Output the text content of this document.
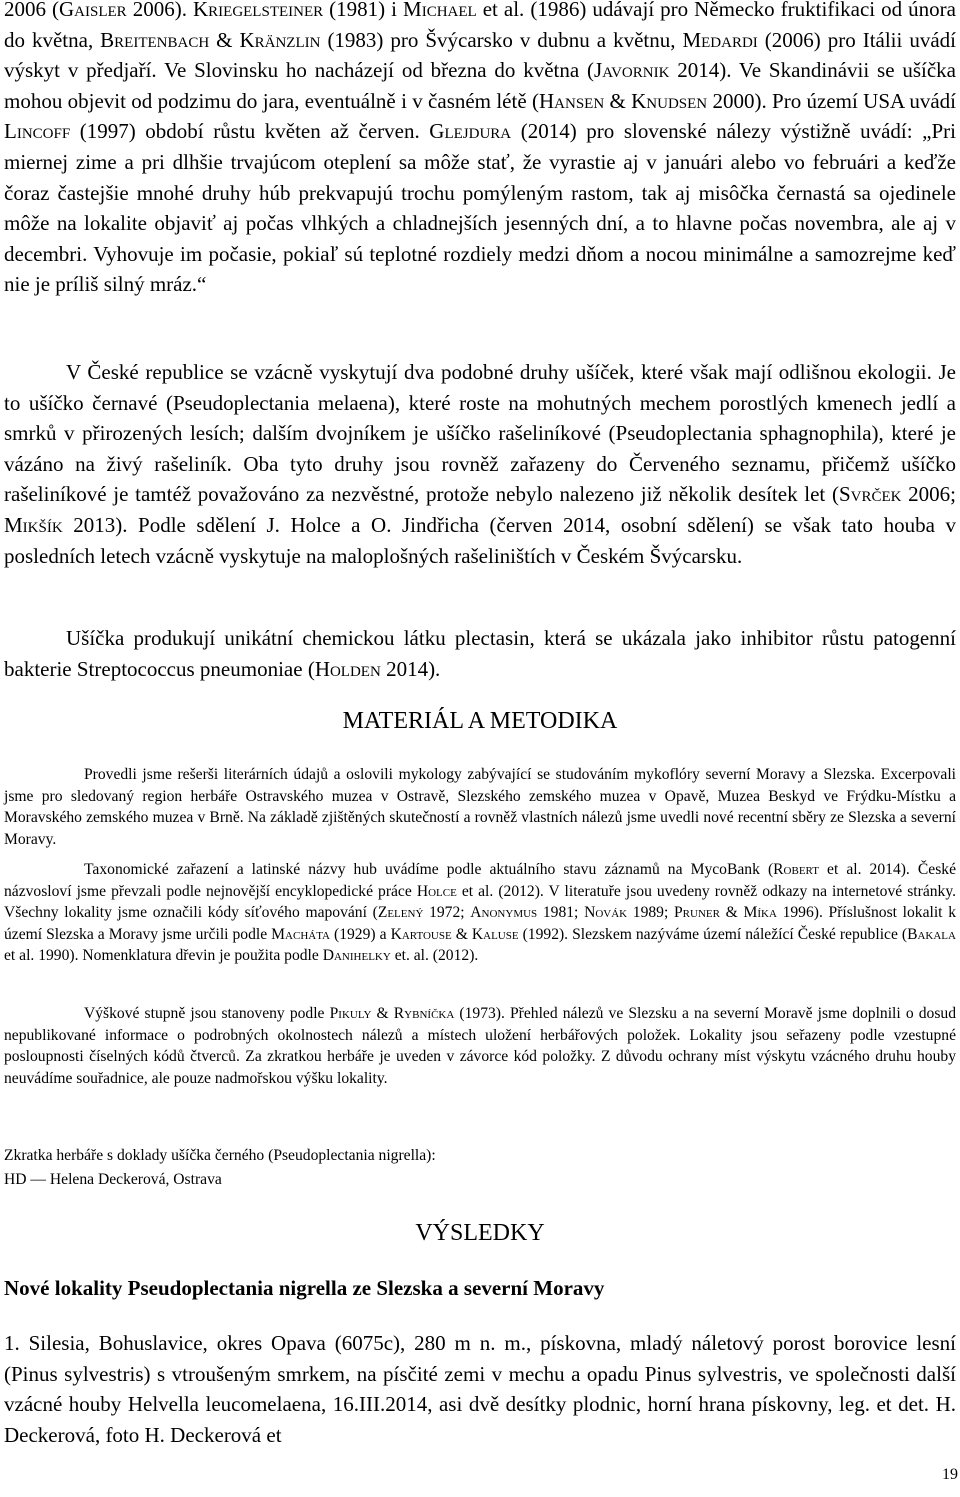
2006 (Gaisler 2006). Kriegelsteiner (1981) i Michael et al. (1986) udávají pro Německo fruktifikaci od února do května, Breitenbach & Kränzlin (1983) pro Švýcarsko v dubnu a květnu, Medardi (2006) pro Itálii uvádí výskyt v předjaří. Ve Slovinsku ho nacházejí od března do května (Javornik 2014). Ve Skandinávii se ušíčka mohou objevit od podzimu do jara, eventuálně i v časném létě (Hansen & Knudsen 2000). Pro území USA uvádí Lincoff (1997) období růstu květen až červen. Glejdura (2014) pro slovenské nálezy výstižně uvádí: „Pri miernej zime a pri dlhšie trvajúcom oteplení sa môže stať, že vyrastie aj v januári alebo vo februári a keďže čoraz častejšie mnohé druhy húb prekvapujú trochu pomýleným rastom, tak aj misôčka černastá sa ojedinele môže na lokalite objaviť aj počas vlhkých a chladnejších jesenných dní, a to hlavne počas novembra, ale aj v decembri. Vyhovuje im počasie, pokiaľ sú teplotné rozdiely medzi dňom a nocou minimálne a samozrejme keď nie je príliš silný mráz.“

V České republice se vzácně vyskytují dva podobné druhy ušíček, které však mají odlišnou ekologii. Je to ušíčko černavé (Pseudoplectania melaena), které roste na mohutných mechem porostlých kmenech jedlí a smrků v přirozených lesích; dalším dvojníkem je ušíčko rašeliníkové (Pseudoplectania sphagnophila), které je vázáno na živý rašeliník. Oba tyto druhy jsou rovněž zařazeny do Červeného seznamu, přičemž ušíčko rašeliníkové je tamtéž považováno za nezvěstné, protože nebylo nalezeno již několik desítek let (Svrček 2006; Mikšík 2013). Podle sdělení J. Holce a O. Jindřicha (červen 2014, osobní sdělení) se však tato houba v posledních letech vzácně vyskytuje na maloplošných rašeliništích v Českém Švýcarsku.

Ušíčka produkují unikátní chemickou látku plectasin, která se ukázala jako inhibitor růstu patogenní bakterie Streptococcus pneumoniae (Holden 2014).

MATERIÁL A METODIKA

Provedli jsme rešerši literárních údajů a oslovili mykology zabývající se studováním mykoflóry severní Moravy a Slezska. Excerpovali jsme pro sledovaný region herbáře Ostravského muzea v Ostravě, Slezského zemského muzea v Opavě, Muzea Beskyd ve Frýdku-Místku a Moravského zemského muzea v Brně. Na základě zjištěných skutečností a rovněž vlastních nálezů jsme uvedli nové recentní sběry ze Slezska a severní Moravy.

Taxonomické zařazení a latinské názvy hub uvádíme podle aktuálního stavu záznamů na MycoBank (Robert et al. 2014). České názvosloví jsme převzali podle nejnovější encyklopedické práce Holce et al. (2012). V literatuře jsou uvedeny rovněž odkazy na internetové stránky. Všechny lokality jsme označili kódy síťového mapování (Zelený 1972; Anonymus 1981; Novák 1989; Pruner & Míka 1996). Příslušnost lokalit k území Slezska a Moravy jsme určili podle Macháta (1929) a Kartouse & Kaluse (1992). Slezskem nazýváme území náležící České republice (Bakala et al. 1990). Nomenklatura dřevin je použita podle Danihelky et. al. (2012).

Výškové stupně jsou stanoveny podle Pikuly & Rybníčka (1973). Přehled nálezů ve Slezsku a na severní Moravě jsme doplnili o dosud nepublikované informace o podrobných okolnostech nálezů a místech uložení herbářových položek. Lokality jsou seřazeny podle vzestupné posloupnosti číselných kódů čtverců. Za zkratkou herbáře je uveden v závorce kód položky. Z důvodu ochrany míst výskytu vzácného druhu houby neuvádíme souřadnice, ale pouze nadmořskou výšku lokality.

Zkratka herbáře s doklady ušíčka černého (Pseudoplectania nigrella):

HD — Helena Deckerová, Ostrava

VÝSLEDKY

Nové lokality Pseudoplectania nigrella ze Slezska a severní Moravy

1. Silesia, Bohuslavice, okres Opava (6075c), 280 m n. m., pískovna, mladý náletový porost borovice lesní (Pinus sylvestris) s vtroušeným smrkem, na písčité zemi v mechu a opadu Pinus sylvestris, ve společnosti další vzácné houby Helvella leucomelaena, 16.III.2014, asi dvě desítky plodnic, horní hrana pískovny, leg. et det. H. Deckerová, foto H. Deckerová et

19
